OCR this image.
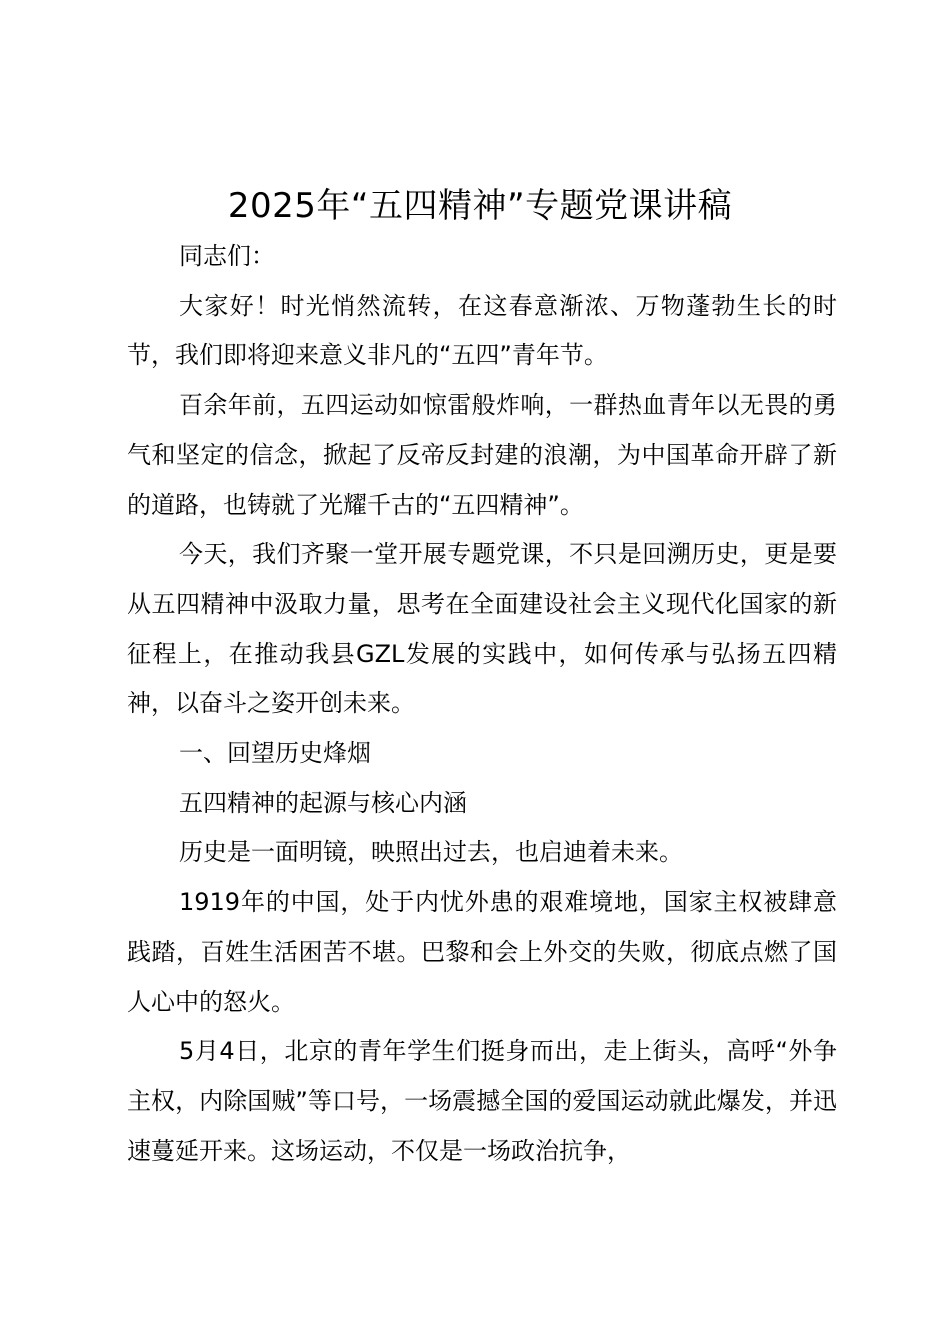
2025年“五四精神”专题党课讲稿

同志们：

大家好！时光悄然流转，在这春意渐浓、万物蓬勃生长的时节，我们即将迎来意义非凡的“五四”青年节。

百余年前，五四运动如惊雷般炸响，一群热血青年以无畏的勇气和坚定的信念，掀起了反帝反封建的浪潮，为中国革命开辟了新的道路，也铸就了光耀千古的“五四精神”。

今天，我们齐聚一堂开展专题党课，不只是回溯历史，更是要从五四精神中汲取力量，思考在全面建设社会主义现代化国家的新征程上，在推动我县GZL发展的实践中，如何传承与弘扬五四精神，以奋斗之姿开创未来。

一、回望历史烽烟

五四精神的起源与核心内涵

历史是一面明镜，映照出过去，也启迪着未来。

1919年的中国，处于内忧外患的艰难境地，国家主权被肆意践踏，百姓生活困苦不堪。巴黎和会上外交的失败，彻底点燃了国人心中的怒火。

5月4日，北京的青年学生们挺身而出，走上街头，高呼“外争主权，内除国贼”等口号，一场震撼全国的爱国运动就此爆发，并迅速蔓延开来。这场运动，不仅是一场政治抗争，
